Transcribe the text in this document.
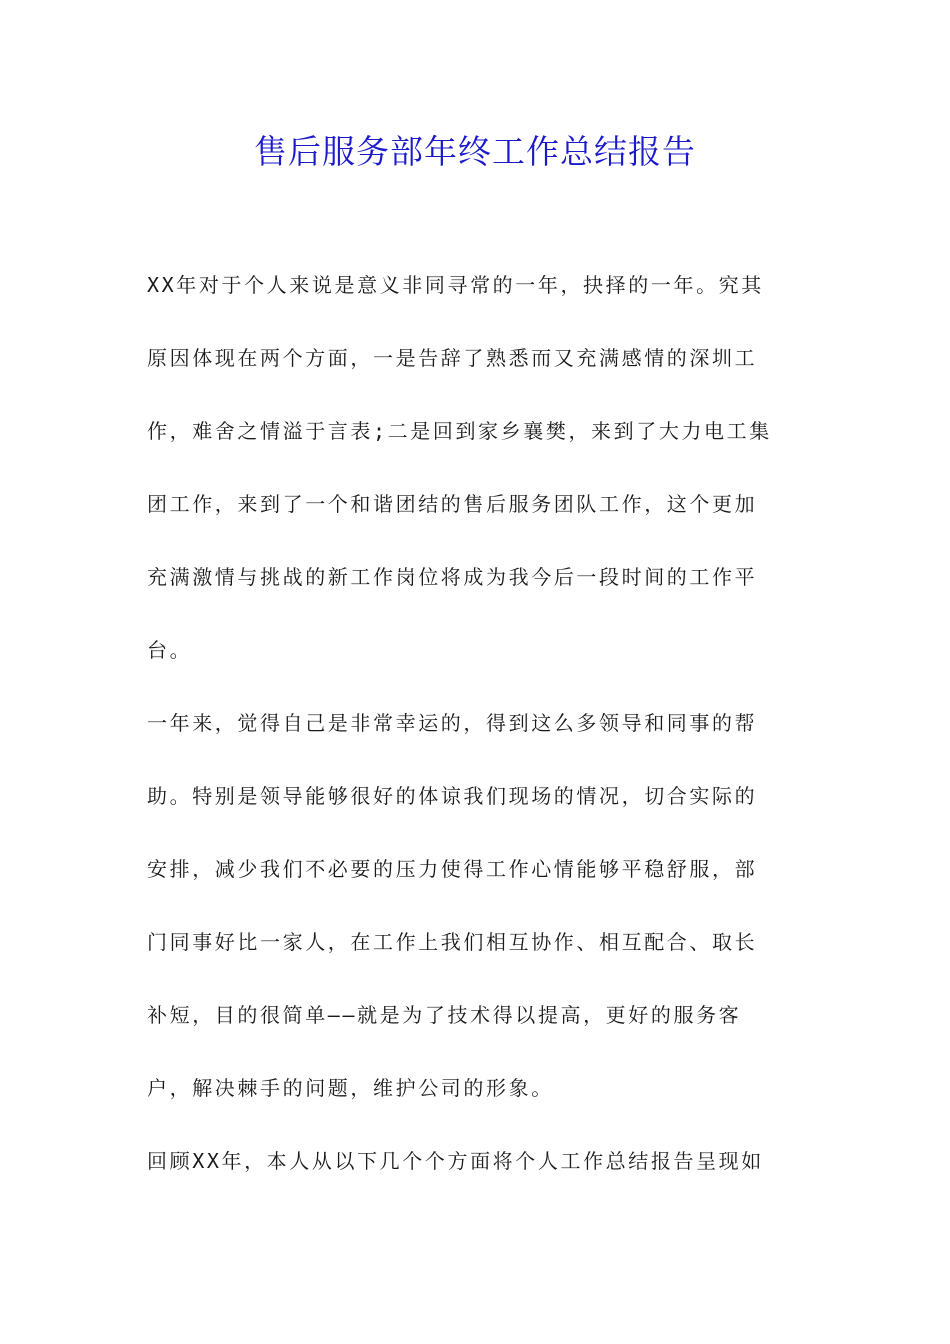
售后服务部年终工作总结报告
XX年对于个人来说是意义非同寻常的一年，抉择的一年。究其
原因体现在两个方面，一是告辞了熟悉而又充满感情的深圳工
作，难舍之情溢于言表;二是回到家乡襄樊，来到了大力电工集
团工作，来到了一个和谐团结的售后服务团队工作，这个更加
充满激情与挑战的新工作岗位将成为我今后一段时间的工作平
台。
一年来，觉得自己是非常幸运的，得到这么多领导和同事的帮
助。特别是领导能够很好的体谅我们现场的情况，切合实际的
安排，减少我们不必要的压力使得工作心情能够平稳舒服，部
门同事好比一家人，在工作上我们相互协作、相互配合、取长
补短，目的很简单——就是为了技术得以提高，更好的服务客
户，解决棘手的问题，维护公司的形象。
回顾XX年，本人从以下几个个方面将个人工作总结报告呈现如
